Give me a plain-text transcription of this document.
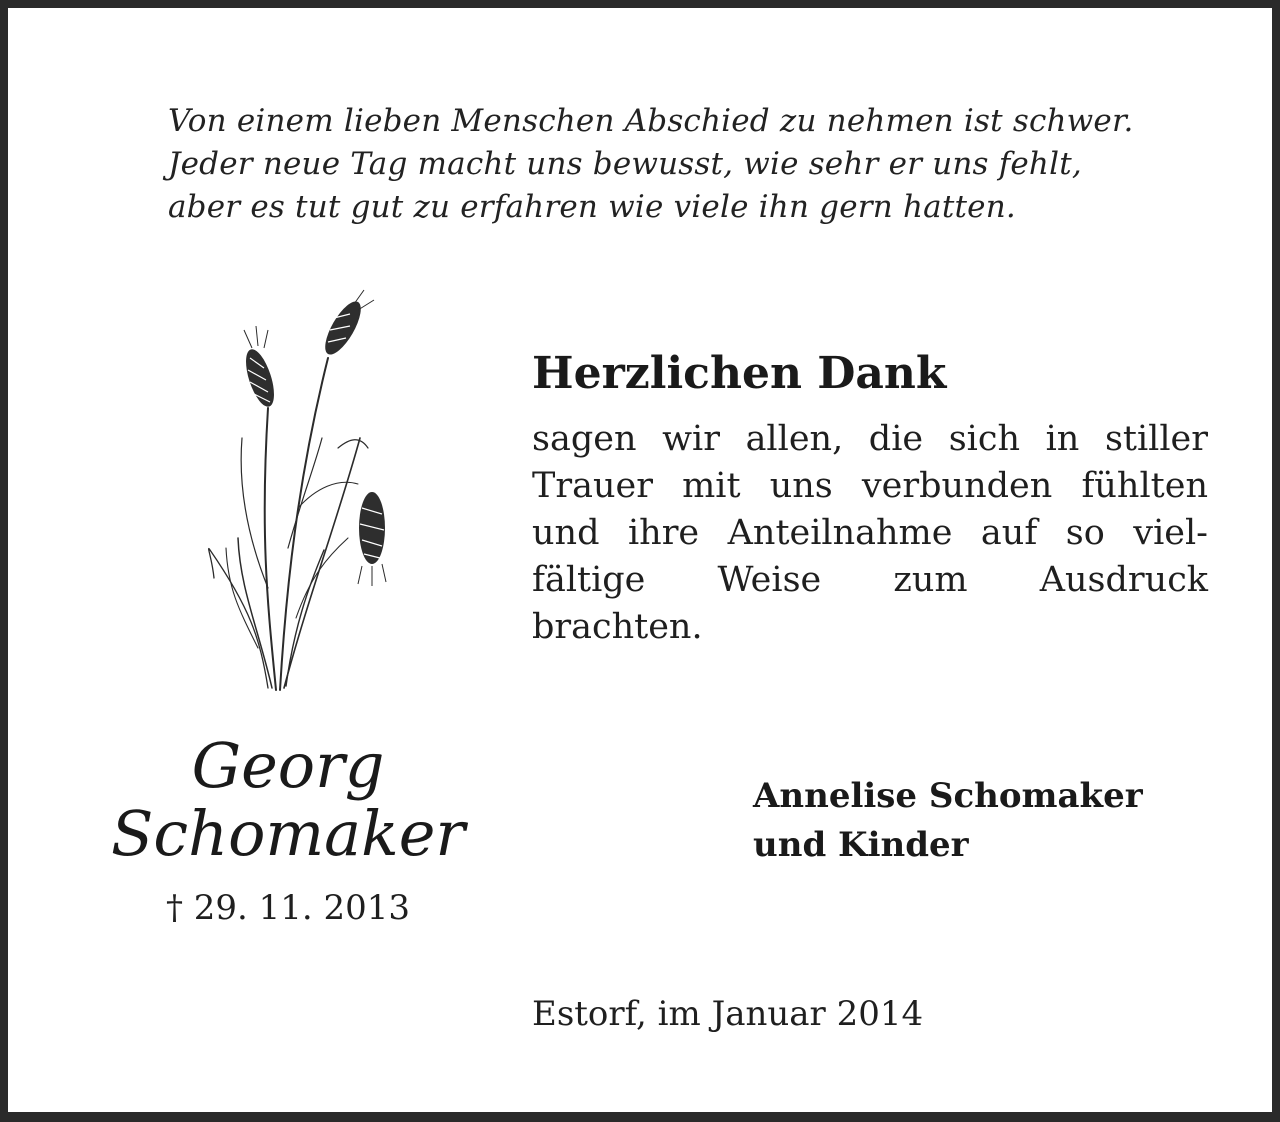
Von einem lieben Menschen Abschied zu nehmen ist schwer.
Jeder neue Tag macht uns bewusst, wie sehr er uns fehlt,
aber es tut gut zu erfahren wie viele ihn gern hatten.
Herzlichen Dank
sagen wir allen, die sich in stiller
Trauer mit uns verbunden fühlten
und ihre Anteilnahme auf so viel-
fältige Weise zum Ausdruck
brachten.
Georg
Schomaker
† 29. 11. 2013
Annelise Schomaker
und Kinder
Estorf, im Januar 2014
